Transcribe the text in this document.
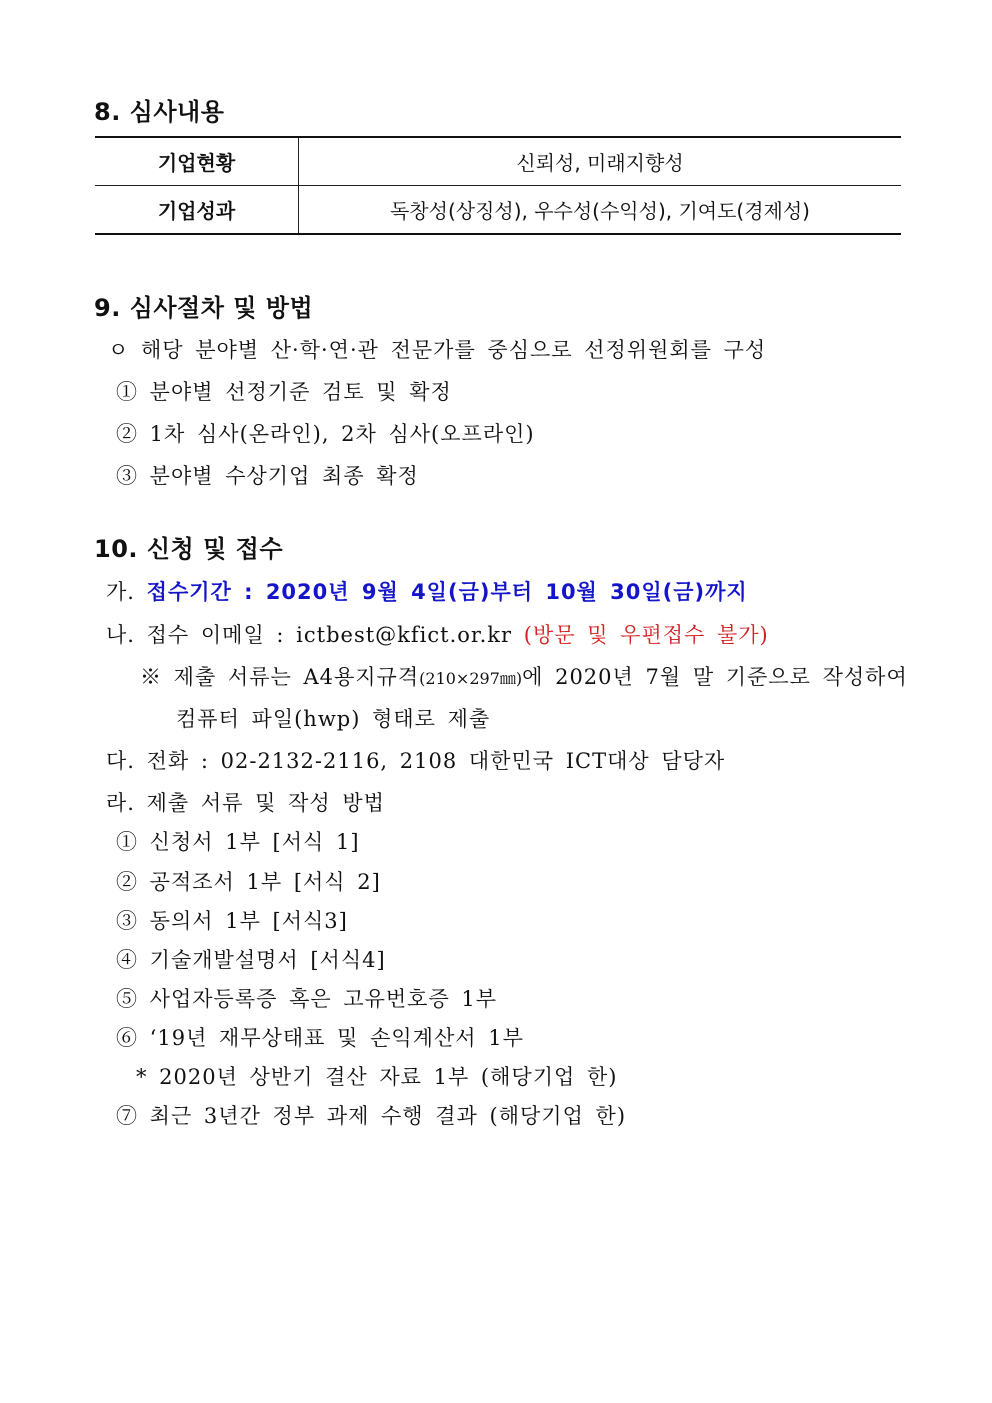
8. 심사내용
기업현황	신뢰성, 미래지향성
기업성과	독창성(상징성), 우수성(수익성), 기여도(경제성)
9. 심사절차 및 방법
ㅇ 해당 분야별 산·학·연·관 전문가를 중심으로 선정위원회를 구성
① 분야별 선정기준 검토 및 확정
② 1차 심사(온라인), 2차 심사(오프라인)
③ 분야별 수상기업 최종 확정
10. 신청 및 접수
가. 접수기간 : 2020년 9월 4일(금)부터 10월 30일(금)까지
나. 접수 이메일 : ictbest@kfict.or.kr (방문 및 우편접수 불가)
※ 제출 서류는 A4용지규격(210×297㎜)에 2020년 7월 말 기준으로 작성하여
컴퓨터 파일(hwp) 형태로 제출
다. 전화 : 02-2132-2116, 2108 대한민국 ICT대상 담당자
라. 제출 서류 및 작성 방법
① 신청서 1부 [서식 1]
② 공적조서 1부 [서식 2]
③ 동의서 1부 [서식3]
④ 기술개발설명서 [서식4]
⑤ 사업자등록증 혹은 고유번호증 1부
⑥ ‘19년 재무상태표 및 손익계산서 1부
* 2020년 상반기 결산 자료 1부 (해당기업 한)
⑦ 최근 3년간 정부 과제 수행 결과 (해당기업 한)
